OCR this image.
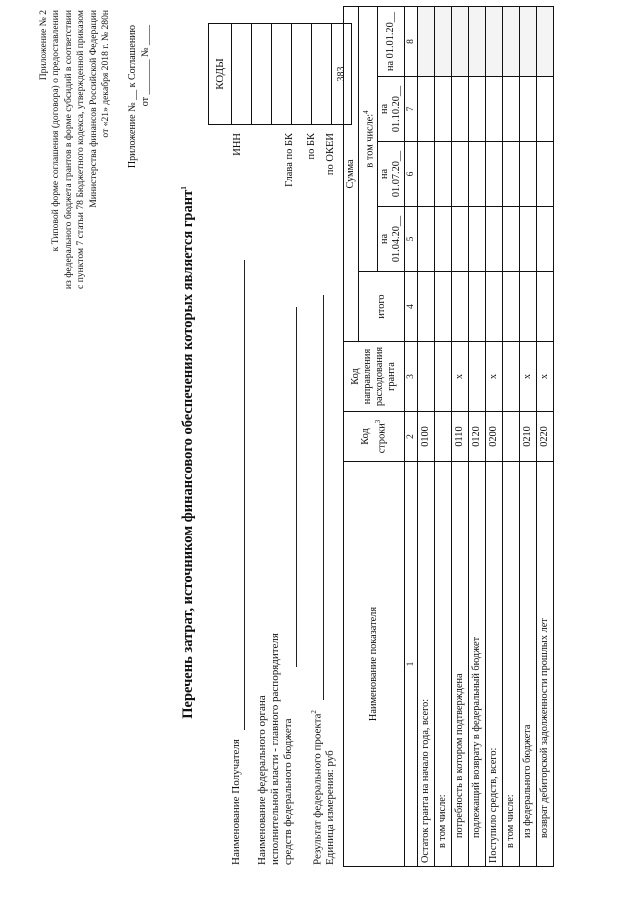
Приложение № 2 к Типовой форме соглашения (договора) о предоставлении из федерального бюджета грантов в форме субсидий в соответствии с пунктом 7 статьи 78 Бюджетного кодекса, утвержденной приказом Министерства финансов Российской Федерации от «21» декабря 2018 г. № 280н Приложение № __ к Соглашению от _______ № ____
Перечень затрат, источником финансового обеспечения которых является грант$^1$
КОДЫ

383
Наименование Получателя
ИНН
Наименование федерального органа исполнительной власти - главного распорядителя средств федерального бюджета
Глава по БК
Результат федерального проекта$^2$
по БК
Единица измерения: руб
по ОКЕИ
Наименование показателя	Код строки$^3$	Код направления расходования гранта	Сумма				
			итого	в том числе:$^4$
				на 01.04.20__	на 01.07.20__	на 01.10.20__	на 01.01.20__
1	2	3	4	5	6	7	8
Остаток гранта на начало года, всего:	0100						
в том числе:							
потребность в котором подтверждена	0110	x					
подлежащий возврату в федеральный бюджет	0120						
Поступило средств, всего:	0200	x					
в том числе:							
из федерального бюджета	0210	x					
возврат дебиторской задолженности прошлых лет	0220	x					
